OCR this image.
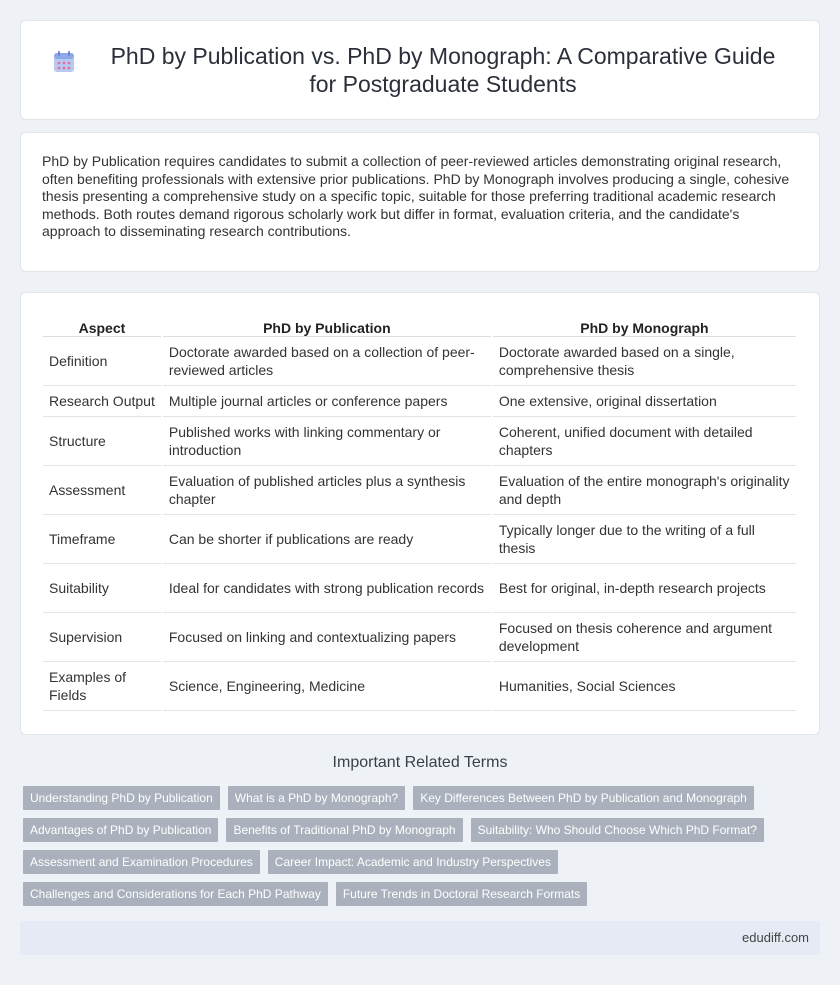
PhD by Publication vs. PhD by Monograph: A Comparative Guide for Postgraduate Students

PhD by Publication requires candidates to submit a collection of peer-reviewed articles demonstrating original research, often benefiting professionals with extensive prior publications. PhD by Monograph involves producing a single, cohesive thesis presenting a comprehensive study on a specific topic, suitable for those preferring traditional academic research methods. Both routes demand rigorous scholarly work but differ in format, evaluation criteria, and the candidate's approach to disseminating research contributions.

Aspect	PhD by Publication	PhD by Monograph
Definition	Doctorate awarded based on a collection of peer-reviewed articles	Doctorate awarded based on a single, comprehensive thesis
Research Output	Multiple journal articles or conference papers	One extensive, original dissertation
Structure	Published works with linking commentary or introduction	Coherent, unified document with detailed chapters
Assessment	Evaluation of published articles plus a synthesis chapter	Evaluation of the entire monograph's originality and depth
Timeframe	Can be shorter if publications are ready	Typically longer due to the writing of a full thesis
Suitability	Ideal for candidates with strong publication records	Best for original, in-depth research projects
Supervision	Focused on linking and contextualizing papers	Focused on thesis coherence and argument development
Examples of Fields	Science, Engineering, Medicine	Humanities, Social Sciences
Important Related Terms
Understanding PhD by Publication	What is a PhD by Monograph?	Key Differences Between PhD by Publication and Monograph
Advantages of PhD by Publication	Benefits of Traditional PhD by Monograph	Suitability: Who Should Choose Which PhD Format?
Assessment and Examination Procedures	Career Impact: Academic and Industry Perspectives
Challenges and Considerations for Each PhD Pathway	Future Trends in Doctoral Research Formats
edudiff.com
